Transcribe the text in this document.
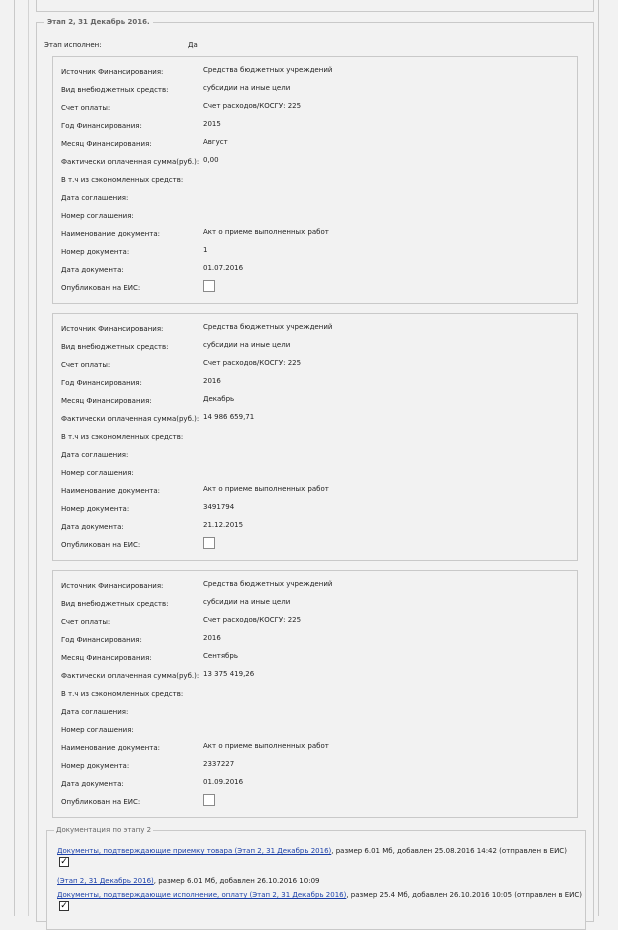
Этап 2, 31 Декабрь 2016.
Этап исполнен:	Да
Источник Финансирования:	Средства бюджетных учреждений
Вид внебюджетных средств:	субсидии на иные цели
Счет оплаты:	Счет расходов/КОСГУ: 225
Год Финансирования:	2015
Месяц Финансирования:	Август
Фактически оплаченная сумма(руб.): 0,00
В т.ч из сэкономленных средств:
Дата соглашения:
Номер соглашения:
Наименование документа:	Акт о приеме выполненных работ
Номер документа:	1
Дата документа:	01.07.2016
Опубликован на ЕИС:
Источник Финансирования:	Средства бюджетных учреждений
Вид внебюджетных средств:	субсидии на иные цели
Счет оплаты:	Счет расходов/КОСГУ: 225
Год Финансирования:	2016
Месяц Финансирования:	Декабрь
Фактически оплаченная сумма(руб.): 14 986 659,71
В т.ч из сэкономленных средств:
Дата соглашения:
Номер соглашения:
Наименование документа:	Акт о приеме выполненных работ
Номер документа:	3491794
Дата документа:	21.12.2015
Опубликован на ЕИС:
Источник Финансирования:	Средства бюджетных учреждений
Вид внебюджетных средств:	субсидии на иные цели
Счет оплаты:	Счет расходов/КОСГУ: 225
Год Финансирования:	2016
Месяц Финансирования:	Сентябрь
Фактически оплаченная сумма(руб.): 13 375 419,26
В т.ч из сэкономленных средств:
Дата соглашения:
Номер соглашения:
Наименование документа:	Акт о приеме выполненных работ
Номер документа:	2337227
Дата документа:	01.09.2016
Опубликован на ЕИС:
Документация по этапу 2
Документы, подтверждающие приемку товара (Этап 2, 31 Декабрь 2016), размер 6.01 Мб, добавлен 25.08.2016 14:42 (отправлен в ЕИС)
✓
(Этап 2, 31 Декабрь 2016), размер 6.01 Мб, добавлен 26.10.2016 10:09
Документы, подтверждающие исполнение, оплату (Этап 2, 31 Декабрь 2016), размер 25.4 Мб, добавлен 26.10.2016 10:05 (отправлен в ЕИС)
✓
